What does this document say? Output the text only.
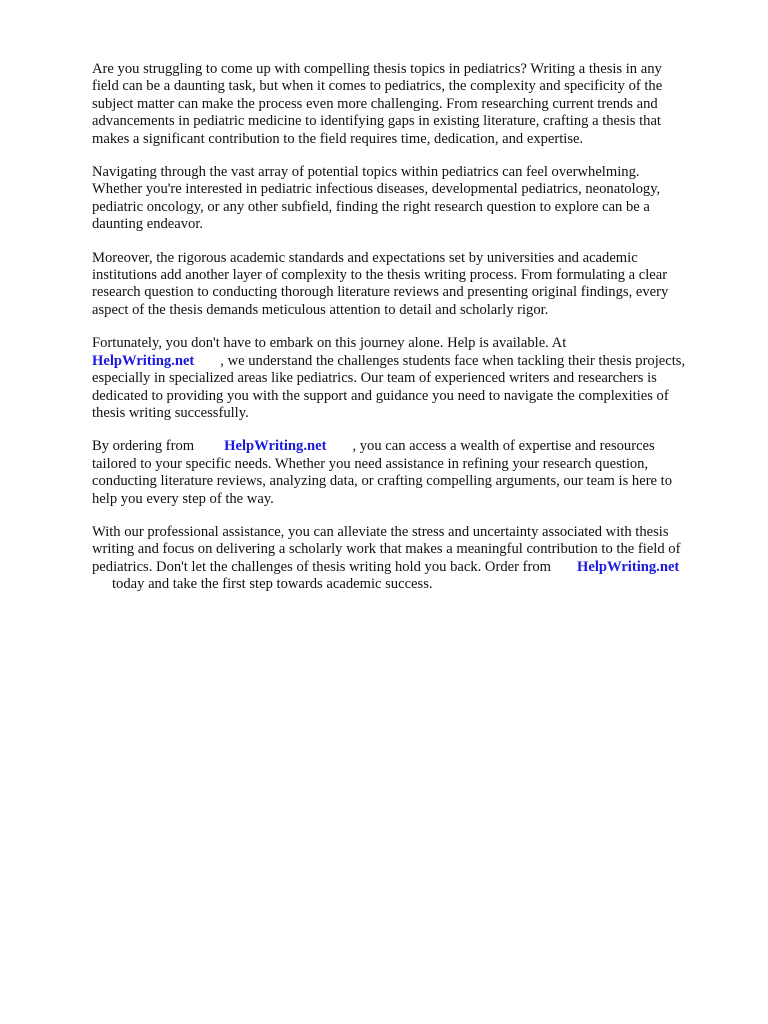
Are you struggling to come up with compelling thesis topics in pediatrics? Writing a thesis in any
field can be a daunting task, but when it comes to pediatrics, the complexity and specificity of the
subject matter can make the process even more challenging. From researching current trends and
advancements in pediatric medicine to identifying gaps in existing literature, crafting a thesis that
makes a significant contribution to the field requires time, dedication, and expertise.

Navigating through the vast array of potential topics within pediatrics can feel overwhelming.
Whether you're interested in pediatric infectious diseases, developmental pediatrics, neonatology,
pediatric oncology, or any other subfield, finding the right research question to explore can be a
daunting endeavor.

Moreover, the rigorous academic standards and expectations set by universities and academic
institutions add another layer of complexity to the thesis writing process. From formulating a clear
research question to conducting thorough literature reviews and presenting original findings, every
aspect of the thesis demands meticulous attention to detail and scholarly rigor.

Fortunately, you don't have to embark on this journey alone. Help is available. At
HelpWriting.net , we understand the challenges students face when tackling their thesis projects,
especially in specialized areas like pediatrics. Our team of experienced writers and researchers is
dedicated to providing you with the support and guidance you need to navigate the complexities of
thesis writing successfully.

By ordering from HelpWriting.net , you can access a wealth of expertise and resources
tailored to your specific needs. Whether you need assistance in refining your research question,
conducting literature reviews, analyzing data, or crafting compelling arguments, our team is here to
help you every step of the way.

With our professional assistance, you can alleviate the stress and uncertainty associated with thesis
writing and focus on delivering a scholarly work that makes a meaningful contribution to the field of
pediatrics. Don't let the challenges of thesis writing hold you back. Order from HelpWriting.net
today and take the first step towards academic success.
